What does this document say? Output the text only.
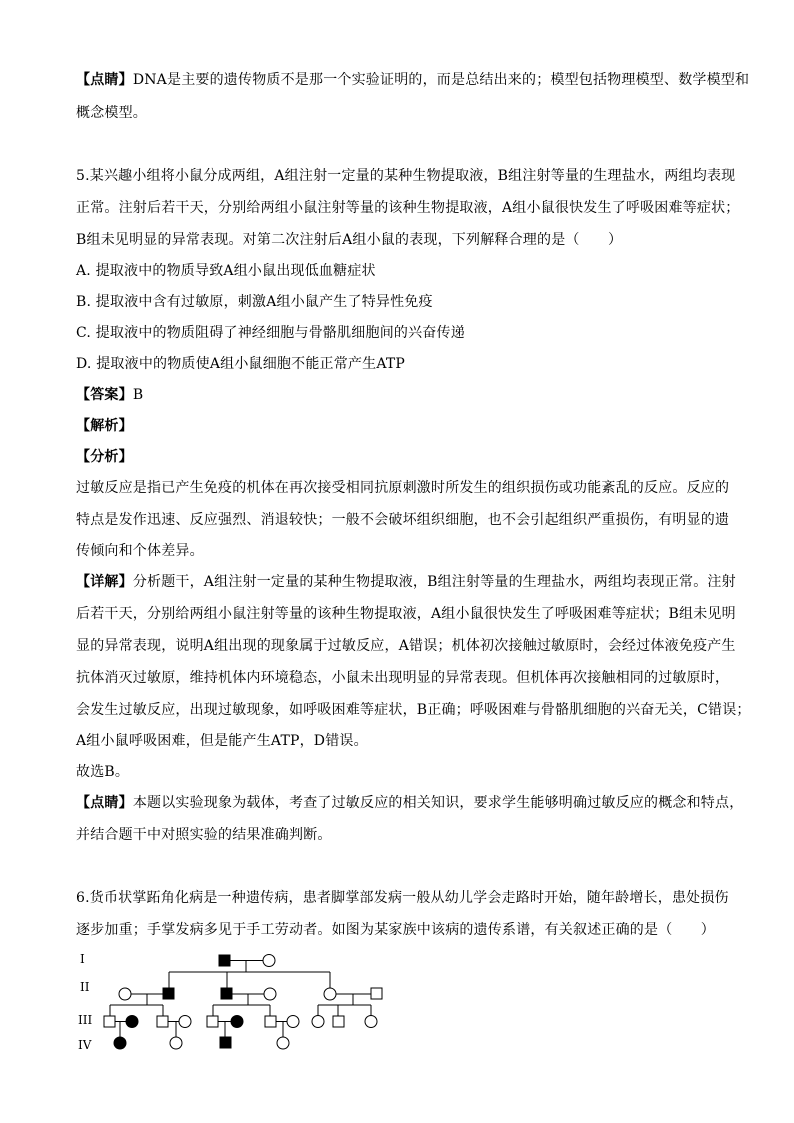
【点睛】DNA是主要的遗传物质不是那一个实验证明的，而是总结出来的；模型包括物理模型、数学模型和
概念模型。
5.某兴趣小组将小鼠分成两组，A组注射一定量的某种生物提取液，B组注射等量的生理盐水，两组均表现
正常。注射后若干天，分别给两组小鼠注射等量的该种生物提取液，A组小鼠很快发生了呼吸困难等症状；
B组未见明显的异常表现。对第二次注射后A组小鼠的表现，下列解释合理的是（　　）
A. 提取液中的物质导致A组小鼠出现低血糖症状
B. 提取液中含有过敏原，刺激A组小鼠产生了特异性免疫
C. 提取液中的物质阻碍了神经细胞与骨骼肌细胞间的兴奋传递
D. 提取液中的物质使A组小鼠细胞不能正常产生ATP
【答案】B
【解析】
【分析】
过敏反应是指已产生免疫的机体在再次接受相同抗原刺激时所发生的组织损伤或功能紊乱的反应。反应的
特点是发作迅速、反应强烈、消退较快；一般不会破坏组织细胞，也不会引起组织严重损伤，有明显的遗
传倾向和个体差异。
【详解】分析题干，A组注射一定量的某种生物提取液，B组注射等量的生理盐水，两组均表现正常。注射
后若干天，分别给两组小鼠注射等量的该种生物提取液，A组小鼠很快发生了呼吸困难等症状；B组未见明
显的异常表现，说明A组出现的现象属于过敏反应，A错误；机体初次接触过敏原时，会经过体液免疫产生
抗体消灭过敏原，维持机体内环境稳态，小鼠未出现明显的异常表现。但机体再次接触相同的过敏原时，
会发生过敏反应，出现过敏现象，如呼吸困难等症状，B正确；呼吸困难与骨骼肌细胞的兴奋无关，C错误；
A组小鼠呼吸困难，但是能产生ATP，D错误。
故选B。
【点睛】本题以实验现象为载体，考查了过敏反应的相关知识，要求学生能够明确过敏反应的概念和特点，
并结合题干中对照实验的结果准确判断。
6.货币状掌跖角化病是一种遗传病，患者脚掌部发病一般从幼儿学会走路时开始，随年龄增长，患处损伤
逐步加重；手掌发病多见于手工劳动者。如图为某家族中该病的遗传系谱，有关叙述正确的是（　　）
I
II
III
IV
